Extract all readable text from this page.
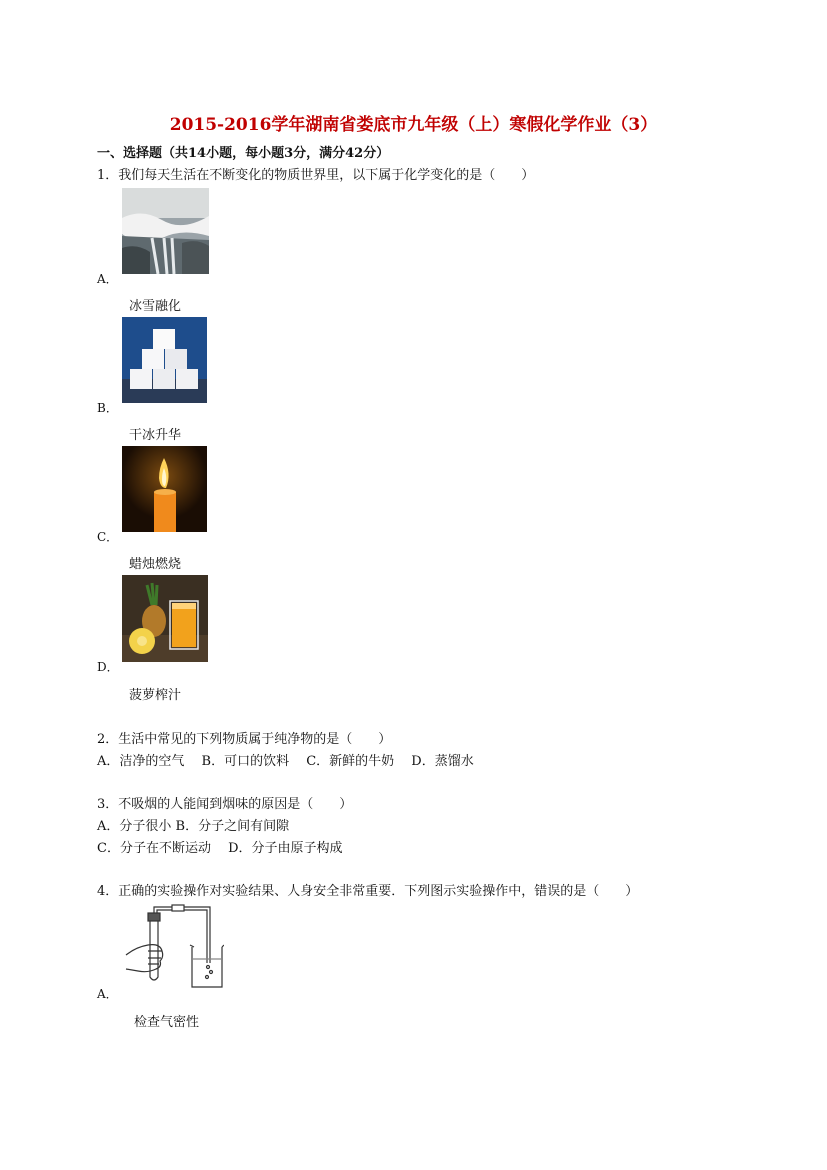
2015-2016学年湖南省娄底市九年级（上）寒假化学作业（3）
一、选择题（共14小题，每小题3分，满分42分）
1．我们每天生活在不断变化的物质世界里，以下属于化学变化的是（　　）
A．
冰雪融化
B．
干冰升华
C．
蜡烛燃烧
D．
菠萝榨汁
2．生活中常见的下列物质属于纯净物的是（　　）
A．洁净的空气　 B．可口的饮料　 C．新鲜的牛奶　 D．蒸馏水
3．不吸烟的人能闻到烟味的原因是（　　）
A．分子很小 B．分子之间有间隙
C．分子在不断运动　 D．分子由原子构成
4．正确的实验操作对实验结果、人身安全非常重要．下列图示实验操作中，错误的是（　　）
A．
检查气密性
